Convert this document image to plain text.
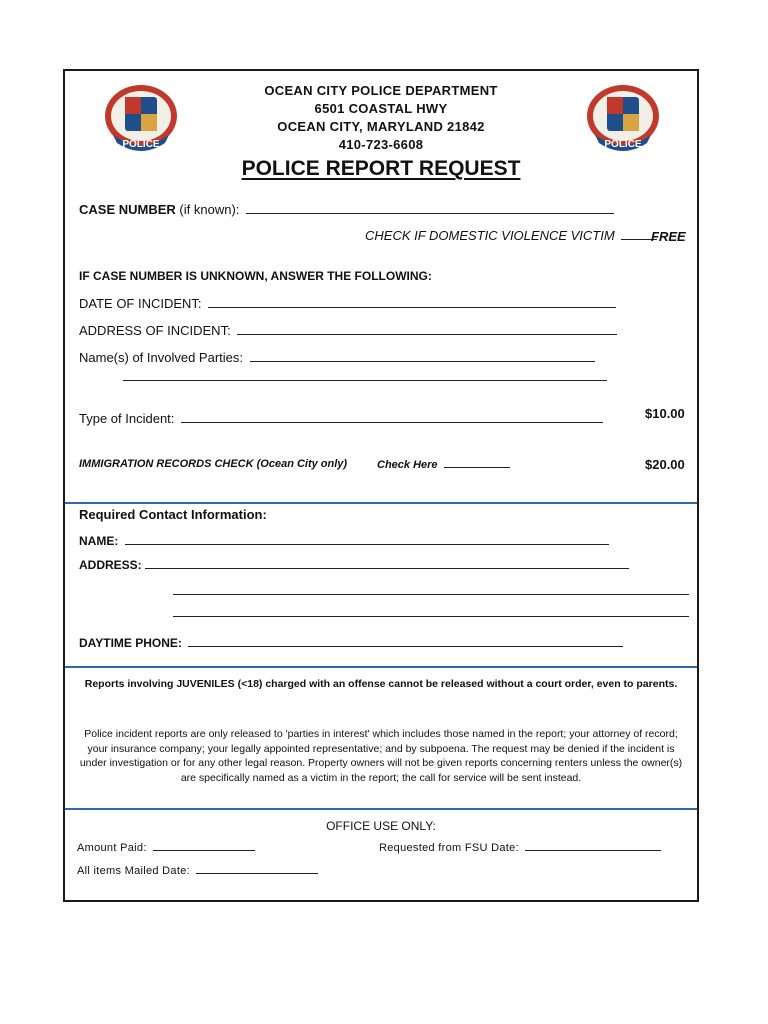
POLICE	POLICE
OCEAN CITY POLICE DEPARTMENT
6501 COASTAL HWY
OCEAN CITY, MARYLAND 21842
410-723-6608
POLICE REPORT REQUEST
CASE NUMBER (if known):
CHECK IF DOMESTIC VIOLENCE VICTIM	FREE
IF CASE NUMBER IS UNKNOWN, ANSWER THE FOLLOWING:
DATE OF INCIDENT:
ADDRESS OF INCIDENT:
Name(s) of Involved Parties:
Type of Incident:	$10.00
IMMIGRATION RECORDS CHECK (Ocean City only)	Check Here	$20.00
Required Contact Information:
NAME:
ADDRESS:
DAYTIME PHONE:
Reports involving JUVENILES (<18) charged with an offense cannot be released without a court order, even to parents.
Police incident reports are only released to 'parties in interest' which includes those named in the report; your attorney of record; your insurance company; your legally appointed representative; and by subpoena. The request may be denied if the incident is under investigation or for any other legal reason. Property owners will not be given reports concerning renters unless the owner(s) are specifically named as a victim in the report; the call for service will be sent instead.
OFFICE USE ONLY:
Amount Paid:	Requested from FSU Date:
All items Mailed Date:
